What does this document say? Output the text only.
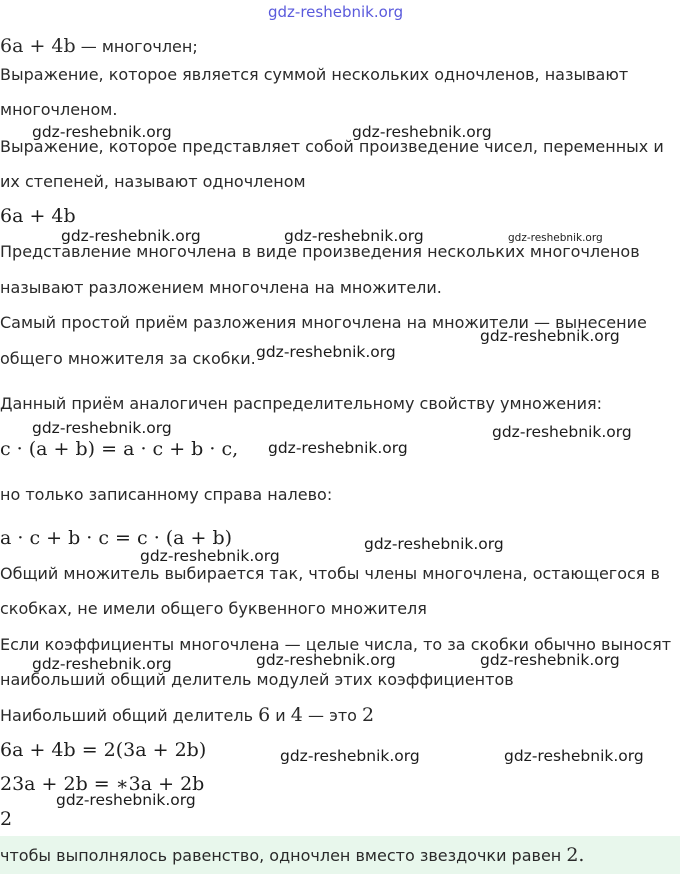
gdz-reshebnik.org
6a + 4b — многочлен;
Выражение, которое является суммой нескольких одночленов, называют
многочленом.
Выражение, которое представляет собой произведение чисел, переменных и
их степеней, называют одночленом
6a + 4b
Представление многочлена в виде произведения нескольких многочленов
называют разложением многочлена на множители.
Самый простой приём разложения многочлена на множители — вынесение
общего множителя за скобки.
Данный приём аналогичен распределительному свойству умножения:
c · (a + b) = a · c + b · c,
но только записанному справа налево:
a · c + b · c = c · (a + b)
Общий множитель выбирается так, чтобы члены многочлена, остающегося в
скобках, не имели общего буквенного множителя
Если коэффициенты многочлена — целые числа, то за скобки обычно выносят
наибольший общий делитель модулей этих коэффициентов
Наибольший общий делитель 6 и 4 — это 2
6a + 4b = 2(3a + 2b)
23a + 2b = ∗3a + 2b
2
чтобы выполнялось равенство, одночлен вместо звездочки равен 2.
gdz-reshebnik.org	gdz-reshebnik.org
gdz-reshebnik.org	gdz-reshebnik.org	gdz-reshebnik.org
gdz-reshebnik.org
gdz-reshebnik.org
gdz-reshebnik.org	gdz-reshebnik.org
gdz-reshebnik.org
gdz-reshebnik.org
gdz-reshebnik.org
gdz-reshebnik.org	gdz-reshebnik.org	gdz-reshebnik.org
gdz-reshebnik.org	gdz-reshebnik.org
gdz-reshebnik.org
